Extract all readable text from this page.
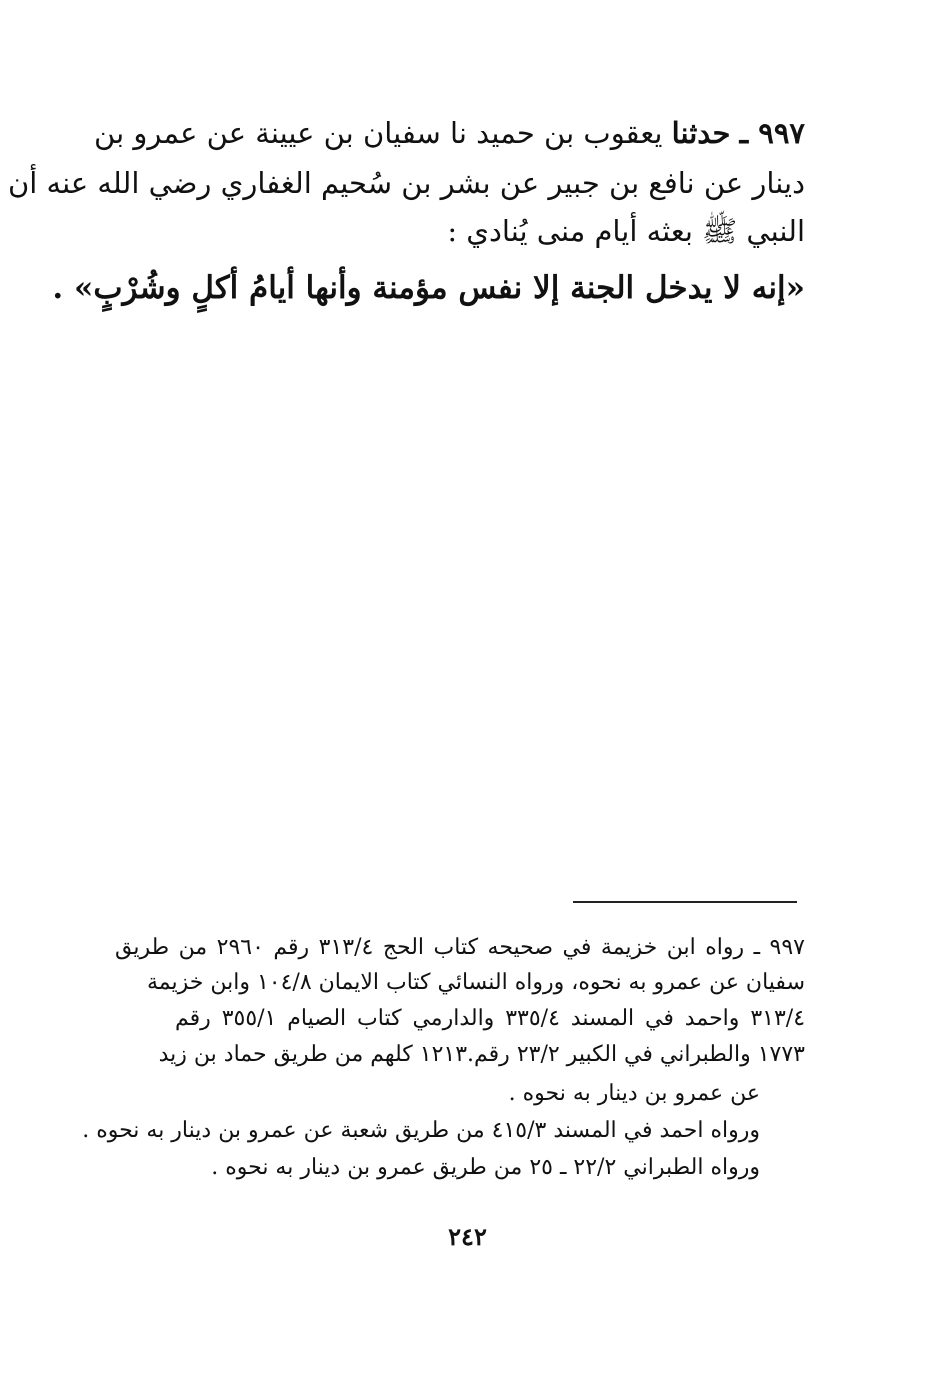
٩٩٧ ـ حدثنا يعقوب بن حميد نا سفيان بن عيينة عن عمرو بن
دينار عن نافع بن جبير عن بشر بن سُحيم الغفاري رضي الله عنه أن
النبي ﷺ بعثه أيام منى يُنادي :
«إنه لا يدخل الجنة إلا نفس مؤمنة وأنها أيامُ أكلٍ وشُرْبٍ» .
٩٩٧ ـ رواه ابن خزيمة في صحيحه كتاب الحج ٣١٣/٤ رقم ٢٩٦٠ من طريق
سفيان عن عمرو به نحوه، ورواه النسائي كتاب الايمان ١٠٤/٨ وابن خزيمة
٣١٣/٤ واحمد في المسند ٣٣٥/٤ والدارمي كتاب الصيام ٣٥٥/١ رقم
١٧٧٣ والطبراني في الكبير ٢٣/٢ رقم.١٢١٣ كلهم من طريق حماد بن زيد
عن عمرو بن دينار به نحوه .
ورواه احمد في المسند ٤١٥/٣ من طريق شعبة عن عمرو بن دينار به نحوه .
ورواه الطبراني ٢٢/٢ ـ ٢٥ من طريق عمرو بن دينار به نحوه .
٢٤٢
